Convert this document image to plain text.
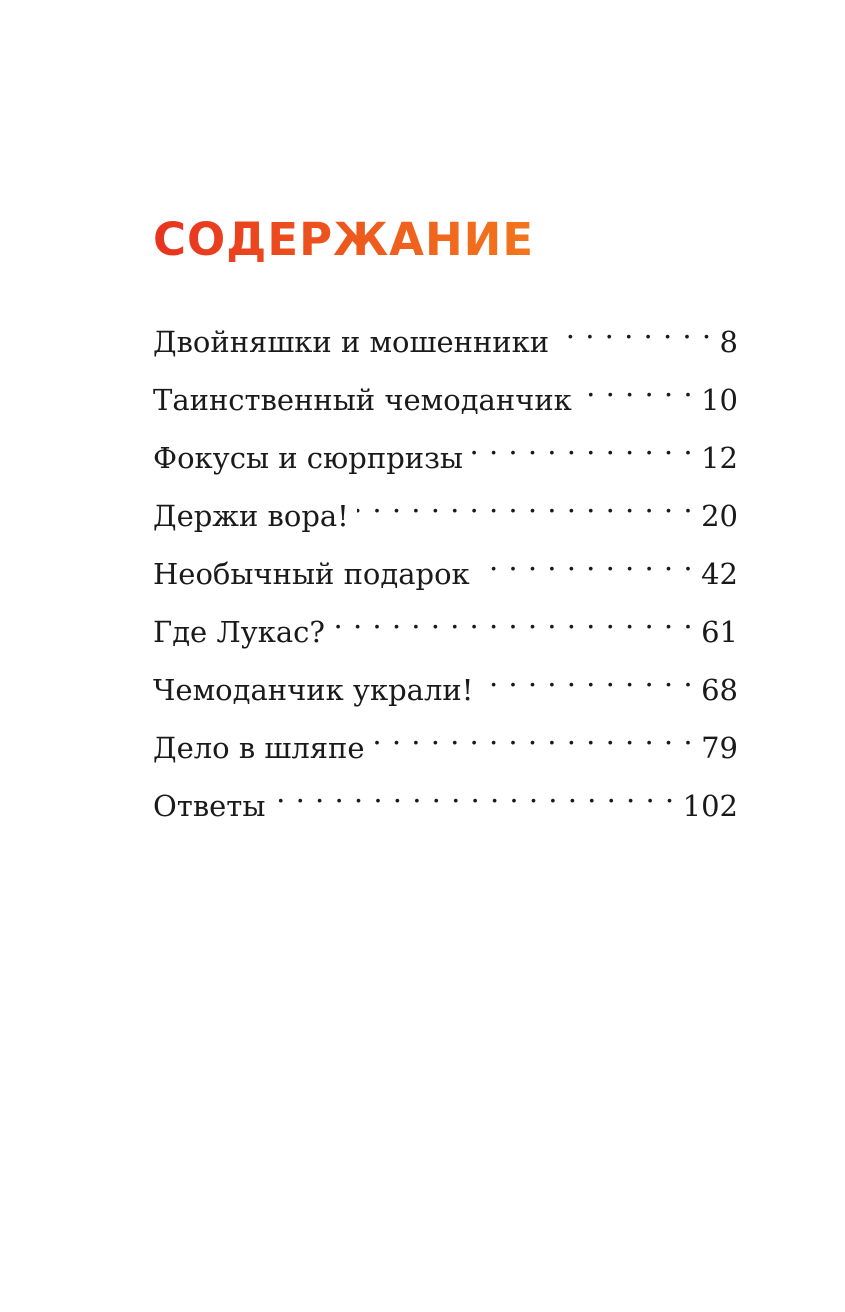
СОДЕРЖАНИЕ
Двойняшки и мошенники . . .	8
Таинственный чемоданчик . . .	10
Фокусы и сюрпризы . . .	12
Держи вора! . . .	20
Необычный подарок . . .	42
Где Лукас? . . .	61
Чемоданчик украли! . . .	68
Дело в шляпе . . .	79
Ответы . . .	102
